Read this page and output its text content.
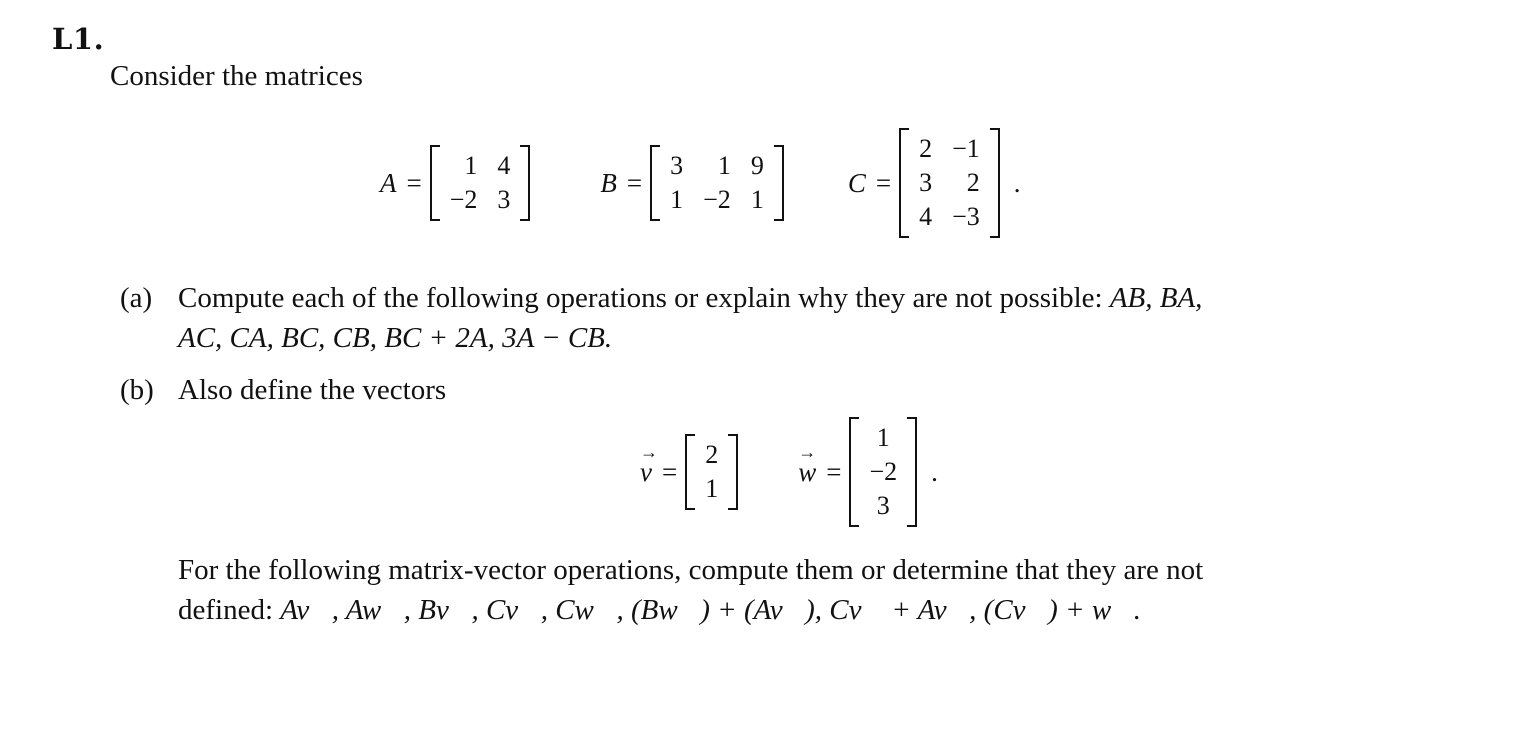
L1.
Consider the matrices
A =
1	4
−2	3
B =
3	1	9
1	−2	1
C =
2	−1
3	2
4	−3
.
(a) Compute each of the following operations or explain why they are not possible: AB, BA,
AC, CA, BC, CB, BC + 2A, 3A − CB.
(b) Also define the vectors
→
v =
2
1
→
w =
1
−2
3
.
For the following matrix-vector operations, compute them or determine that they are not
defined: Av⃗, Aw⃗, Bv⃗, Cv⃗, Cw⃗, (Bw⃗) + (Av⃗), Cv⃗ + Av⃗, (Cv⃗) + w⃗.
